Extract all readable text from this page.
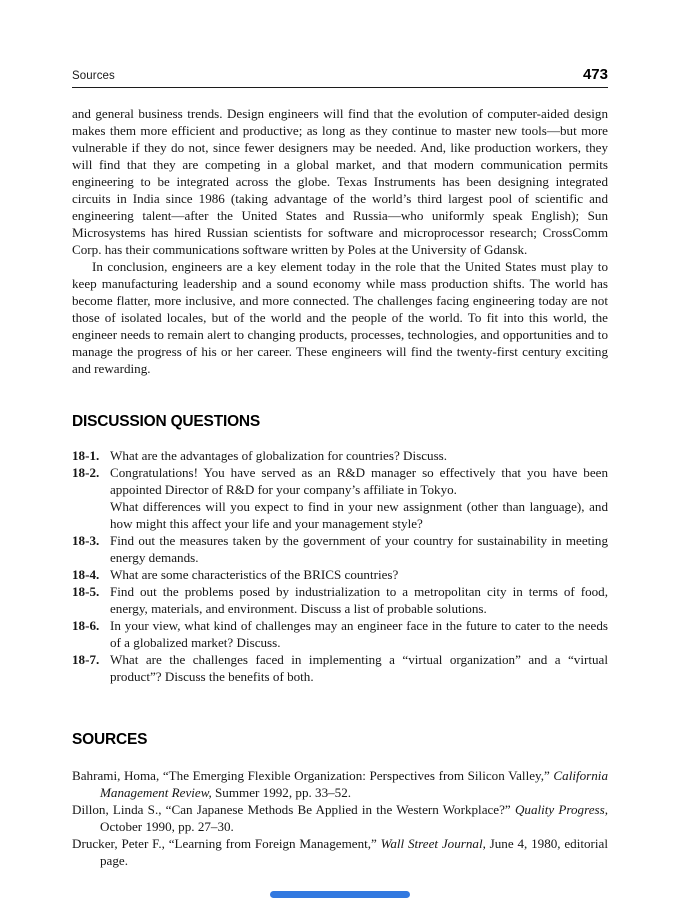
Sources	473

and general business trends. Design engineers will find that the evolution of computer-aided design makes them more efficient and productive; as long as they continue to master new tools—but more vulnerable if they do not, since fewer designers may be needed. And, like production workers, they will find that they are competing in a global market, and that modern communication permits engineering to be integrated across the globe. Texas Instruments has been designing integrated circuits in India since 1986 (taking advantage of the world’s third largest pool of scientific and engineering talent—after the United States and Russia—who uniformly speak English); Sun Microsystems has hired Russian scientists for software and microprocessor research; CrossComm Corp. has their communications software written by Poles at the University of Gdansk.

In conclusion, engineers are a key element today in the role that the United States must play to keep manufacturing leadership and a sound economy while mass production shifts. The world has become flatter, more inclusive, and more connected. The challenges facing engineering today are not those of isolated locales, but of the world and the people of the world. To fit into this world, the engineer needs to remain alert to changing products, processes, technologies, and opportunities and to manage the progress of his or her career. These engineers will find the twenty-first century exciting and rewarding.

DISCUSSION QUESTIONS
18-1. What are the advantages of globalization for countries? Discuss.
18-2. Congratulations! You have served as an R&D manager so effectively that you have been appointed Director of R&D for your company’s affiliate in Tokyo.
What differences will you expect to find in your new assignment (other than language), and how might this affect your life and your management style?
18-3. Find out the measures taken by the government of your country for sustainability in meeting energy demands.
18-4. What are some characteristics of the BRICS countries?
18-5. Find out the problems posed by industrialization to a metropolitan city in terms of food, energy, materials, and environment. Discuss a list of probable solutions.
18-6. In your view, what kind of challenges may an engineer face in the future to cater to the needs of a globalized market? Discuss.
18-7. What are the challenges faced in implementing a “virtual organization” and a “virtual product”? Discuss the benefits of both.
SOURCES

Bahrami, Homa, “The Emerging Flexible Organization: Perspectives from Silicon Valley,” California Management Review, Summer 1992, pp. 33–52.

Dillon, Linda S., “Can Japanese Methods Be Applied in the Western Workplace?” Quality Progress, October 1990, pp. 27–30.

Drucker, Peter F., “Learning from Foreign Management,” Wall Street Journal, June 4, 1980, editorial page.
